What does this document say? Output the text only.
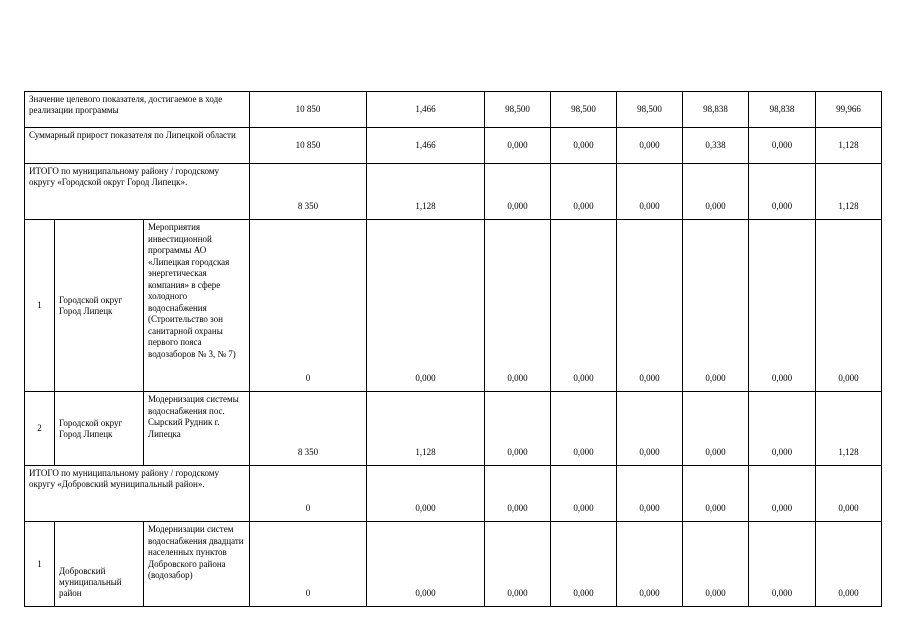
Значение целевого показателя, достигаемое в ходе реализации программы			10 850	1,466	98,500	98,500	98,500	98,838	98,838	99,966
Суммарный прирост показателя по Липецкой области			10 850	1,466	0,000	0,000	0,000	0,338	0,000	1,128
ИТОГО по муниципальному району / городскому округу «Городской округ Город Липецк».			8 350	1,128	0,000	0,000	0,000	0,000	0,000	1,128
1	Городской округ Город Липецк	Мероприятия инвестиционной программы АО «Липецкая городская энергетическая компания» в сфере холодного водоснабжения (Строительство зон санитарной охраны первого пояса водозаборов № 3, № 7)	0	0,000	0,000	0,000	0,000	0,000	0,000	0,000
2	Городской округ Город Липецк	Модернизация системы водоснабжения пос. Сырский Рудник г. Липецка	8 350	1,128	0,000	0,000	0,000	0,000	0,000	1,128
ИТОГО по муниципальному району / городскому округу «Добровский муниципальный район».			0	0,000	0,000	0,000	0,000	0,000	0,000	0,000
1	Добровский муниципальный район	Модернизации систем водоснабжения двадцати населенных пунктов Добровского района (водозабор)	0	0,000	0,000	0,000	0,000	0,000	0,000	0,000
